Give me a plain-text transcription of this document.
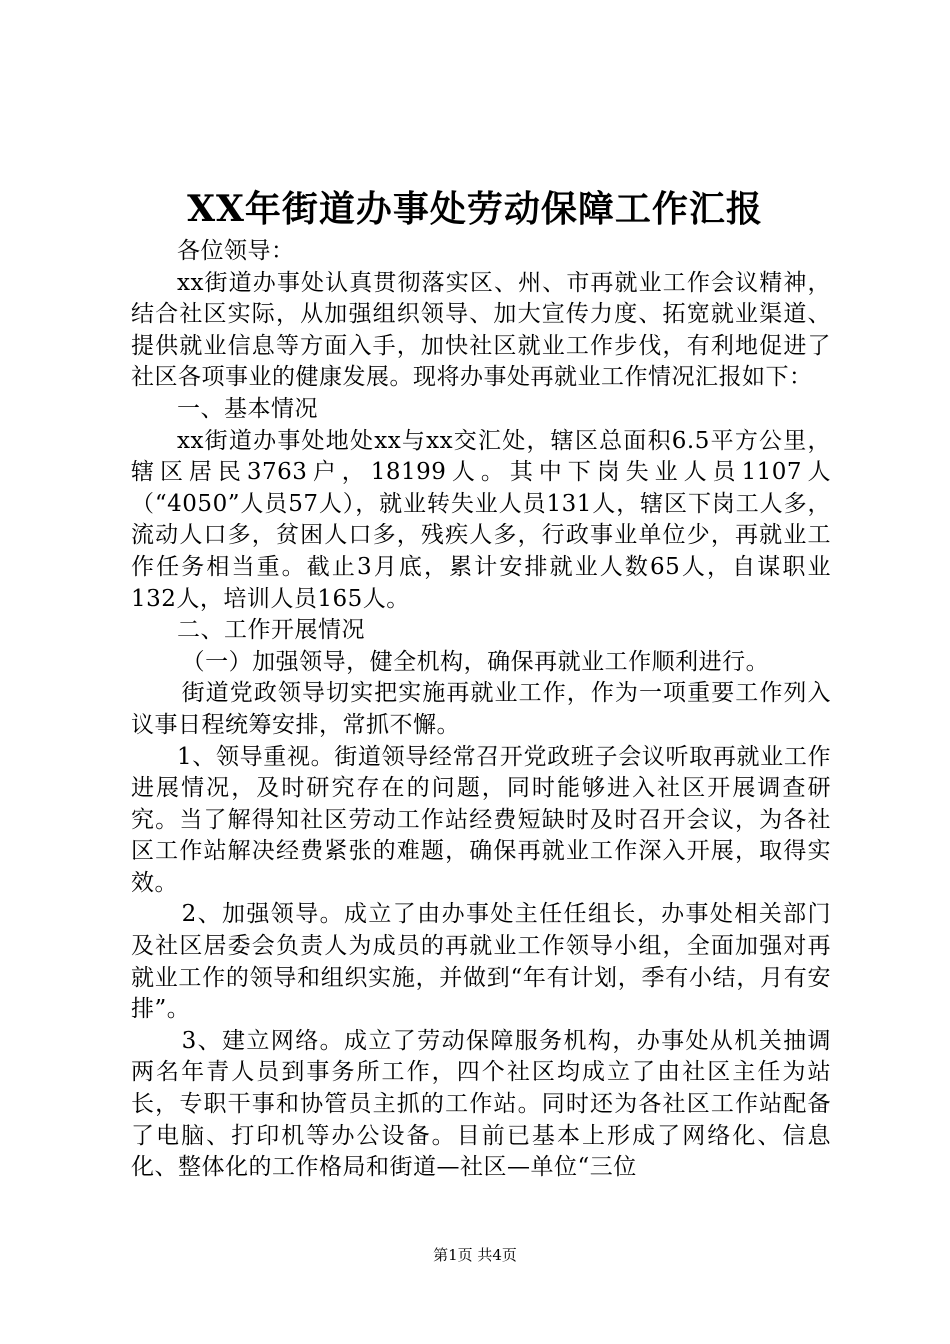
XX年街道办事处劳动保障工作汇报

各位领导：

xx街道办事处认真贯彻落实区、州、市再就业工作会议精神，结合社区实际，从加强组织领导、加大宣传力度、拓宽就业渠道、提供就业信息等方面入手，加快社区就业工作步伐，有利地促进了社区各项事业的健康发展。现将办事处再就业工作情况汇报如下：

一、基本情况

xx街道办事处地处xx与xx交汇处，辖区总面积6.5平方公里，辖区居民3763户，18199人。其中下岗失业人员1107人（“4050”人员57人），就业转失业人员131人，辖区下岗工人多，流动人口多，贫困人口多，残疾人多，行政事业单位少，再就业工作任务相当重。截止3月底，累计安排就业人数65人，自谋职业132人，培训人员165人。

二、工作开展情况

（一）加强领导，健全机构，确保再就业工作顺利进行。

街道党政领导切实把实施再就业工作，作为一项重要工作列入议事日程统筹安排，常抓不懈。

1、领导重视。街道领导经常召开党政班子会议听取再就业工作进展情况，及时研究存在的问题，同时能够进入社区开展调查研究。当了解得知社区劳动工作站经费短缺时及时召开会议，为各社区工作站解决经费紧张的难题，确保再就业工作深入开展，取得实效。

2、加强领导。成立了由办事处主任任组长，办事处相关部门及社区居委会负责人为成员的再就业工作领导小组，全面加强对再就业工作的领导和组织实施，并做到“年有计划，季有小结，月有安排”。

3、建立网络。成立了劳动保障服务机构，办事处从机关抽调两名年青人员到事务所工作，四个社区均成立了由社区主任为站长，专职干事和协管员主抓的工作站。同时还为各社区工作站配备了电脑、打印机等办公设备。目前已基本上形成了网络化、信息化、整体化的工作格局和街道—社区—单位“三位

第1页 共4页
